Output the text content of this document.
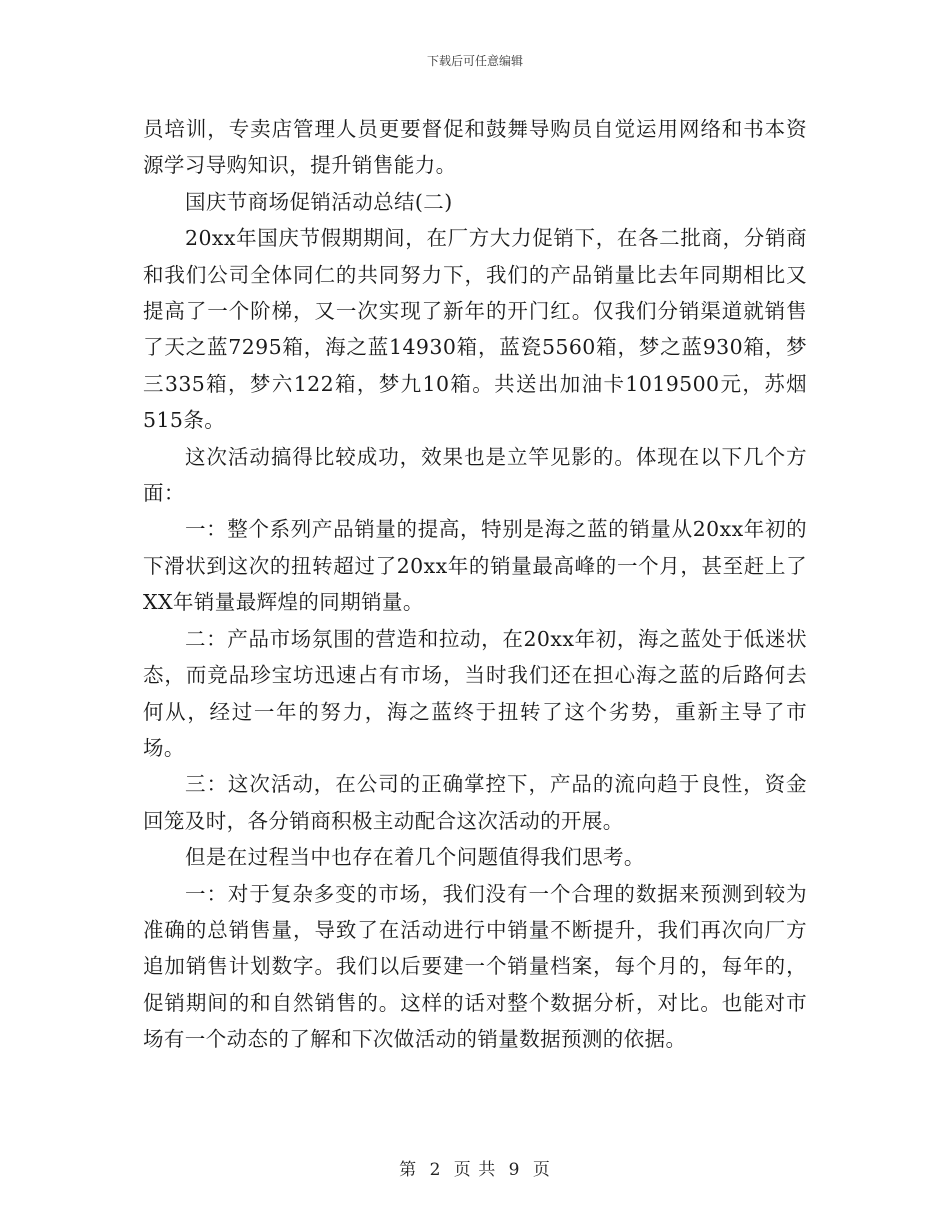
下载后可任意编辑

员培训，专卖店管理人员更要督促和鼓舞导购员自觉运用网络和书本资源学习导购知识，提升销售能力。

国庆节商场促销活动总结(二)

20xx年国庆节假期期间，在厂方大力促销下，在各二批商，分销商和我们公司全体同仁的共同努力下，我们的产品销量比去年同期相比又提高了一个阶梯，又一次实现了新年的开门红。仅我们分销渠道就销售了天之蓝7295箱，海之蓝14930箱，蓝瓷5560箱，梦之蓝930箱，梦三335箱，梦六122箱，梦九10箱。共送出加油卡1019500元，苏烟515条。

这次活动搞得比较成功，效果也是立竿见影的。体现在以下几个方面：

一：整个系列产品销量的提高，特别是海之蓝的销量从20xx年初的下滑状到这次的扭转超过了20xx年的销量最高峰的一个月，甚至赶上了XX年销量最辉煌的同期销量。

二：产品市场氛围的营造和拉动，在20xx年初，海之蓝处于低迷状态，而竞品珍宝坊迅速占有市场，当时我们还在担心海之蓝的后路何去何从，经过一年的努力，海之蓝终于扭转了这个劣势，重新主导了市场。

三：这次活动，在公司的正确掌控下，产品的流向趋于良性，资金回笼及时，各分销商积极主动配合这次活动的开展。

但是在过程当中也存在着几个问题值得我们思考。

一：对于复杂多变的市场，我们没有一个合理的数据来预测到较为准确的总销售量，导致了在活动进行中销量不断提升，我们再次向厂方追加销售计划数字。我们以后要建一个销量档案，每个月的，每年的，促销期间的和自然销售的。这样的话对整个数据分析，对比。也能对市场有一个动态的了解和下次做活动的销量数据预测的依据。

第 2 页 共 9 页
